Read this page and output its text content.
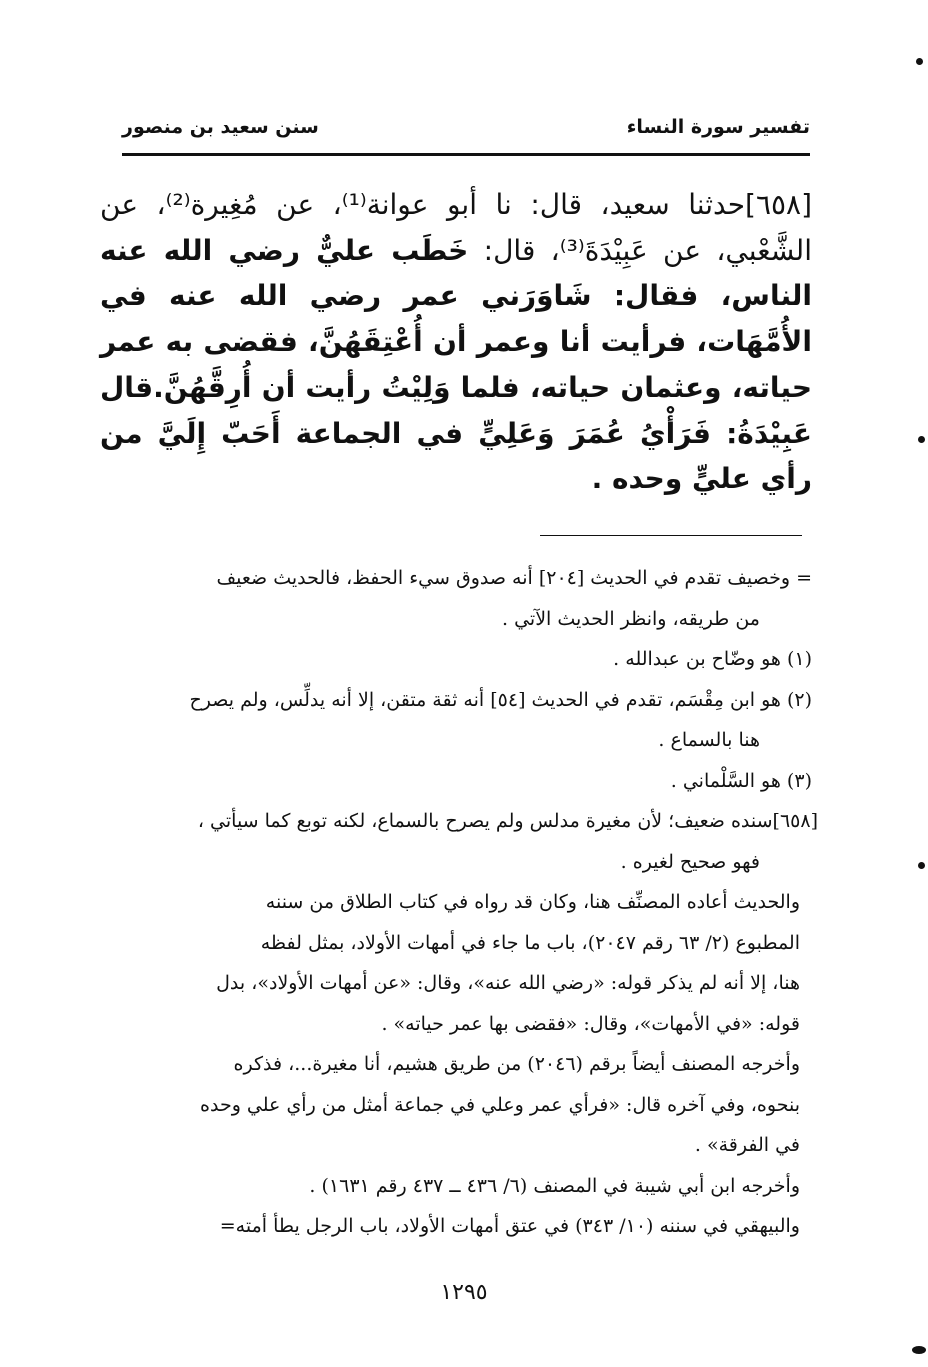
تفسير سورة النساء
سنن سعيد بن منصور
[٦٥٨]حدثنا سعيد، قال: نا أبو عوانة⁽¹⁾، عن مُغِيرة⁽²⁾، عن الشَّعْبي، عن عَبِيْدَةَ⁽³⁾، قال: خَطَب عليٌّ رضي الله عنه الناس، فقال: شَاوَرَني عمر رضي الله عنه في الأُمَّهَات، فرأيت أنا وعمر أن أُعْتِقَهُنَّ، فقضى به عمر حياته، وعثمان حياته، فلما وَلِيْتُ رأيت أن أُرِقَّهُنَّ.قال عَبِيْدَةُ: فَرَأْيُ عُمَرَ وَعَلِيٍّ في الجماعة أَحَبّ إِلَيَّ من رأي عليٍّ وحده .
= وخصيف تقدم في الحديث [٢٠٤] أنه صدوق سيء الحفظ، فالحديث ضعيف
من طريقه، وانظر الحديث الآتي .
(١) هو وضّاح بن عبدالله .
(٢) هو ابن مِقْسَم، تقدم في الحديث [٥٤] أنه ثقة متقن، إلا أنه يدلِّس، ولم يصرح
هنا بالسماع .
(٣) هو السَّلْماني .
[٦٥٨]سنده ضعيف؛ لأن مغيرة مدلس ولم يصرح بالسماع، لكنه توبع كما سيأتي ،
فهو صحيح لغيره .
والحديث أعاده المصنِّف هنا، وكان قد رواه في كتاب الطلاق من سننه
المطبوع (٢/ ٦٣ رقم ٢٠٤٧)، باب ما جاء في أمهات الأولاد، بمثل لفظه
هنا، إلا أنه لم يذكر قوله: «رضي الله عنه»، وقال: «عن أمهات الأولاد»، بدل
قوله: «في الأمهات»، وقال: «فقضى بها عمر حياته» .
وأخرجه المصنف أيضاً برقم (٢٠٤٦) من طريق هشيم، أنا مغيرة...، فذكره
بنحوه، وفي آخره قال: «فرأي عمر وعلي في جماعة أمثل من رأي علي وحده
في الفرقة» .
وأخرجه ابن أبي شيبة في المصنف (٦/ ٤٣٦ ــ ٤٣٧ رقم ١٦٣١) .
والبيهقي في سننه (١٠/ ٣٤٣) في عتق أمهات الأولاد، باب الرجل يطأ أمته=
١٢٩٥
